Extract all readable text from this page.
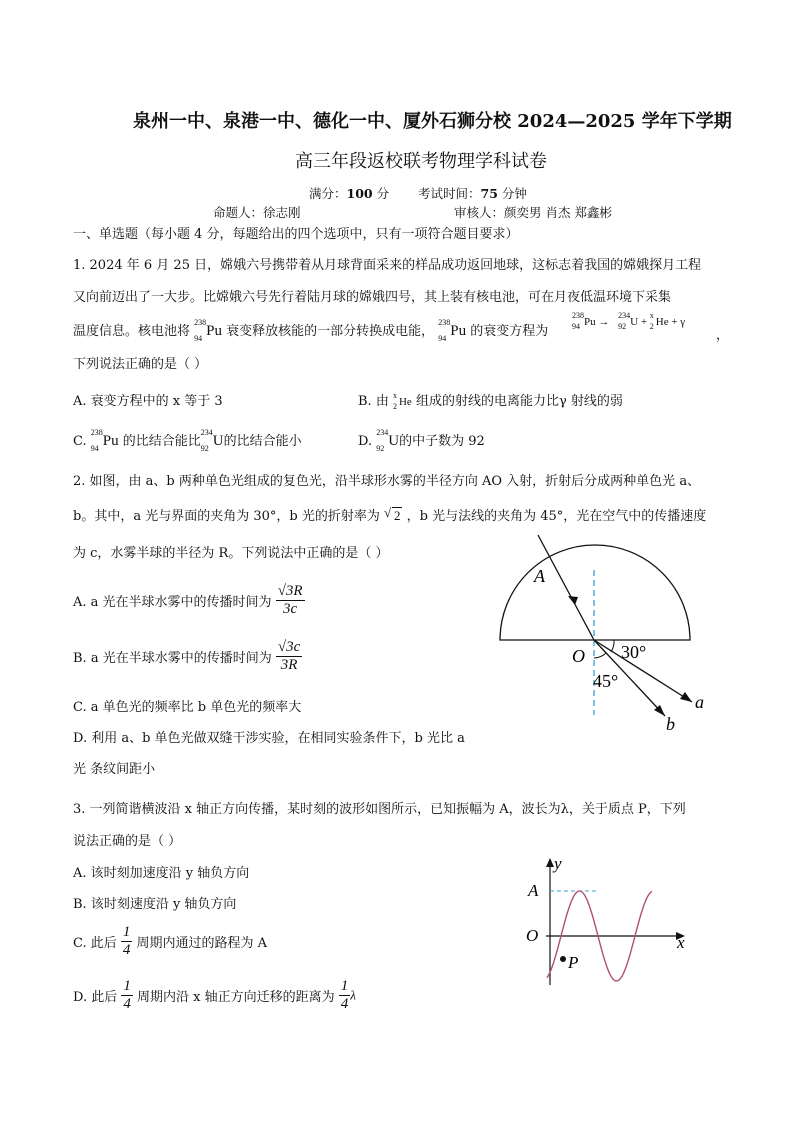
泉州一中、泉港一中、德化一中、厦外石狮分校 2024—2025 学年下学期
高三年段返校联考物理学科试卷
满分：100 分 考试时间：75 分钟
命题人：徐志刚	审核人：颜奕男 肖杰 郑鑫彬
一、单选题（每小题 4 分，每题给出的四个选项中，只有一项符合题目要求）
1. 2024 年 6 月 25 日，嫦娥六号携带着从月球背面采来的样品成功返回地球，这标志着我国的嫦娥探月工程
又向前迈出了一大步。比嫦娥六号先行着陆月球的嫦娥四号，其上装有核电池，可在月夜低温环境下采集
温度信息。核电池将
238
94 Pu 衰变释放核能的一部分转换成电能，
238
94 Pu 的衰变方程为
238
94 Pu →
234
92 U +
x
2 He + γ
，
下列说法正确的是（ ）
A. 衰变方程中的 x 等于 3	B. 由 x
2 He 组成的射线的电离能力比γ 射线的弱
C.
238
94 Pu 的比结合能比
234
92 U的比结合能小	D.
234
92 U的中子数为 92
2. 如图，由 a、b 两种单色光组成的复色光，沿半球形水雾的半径方向 AO 入射，折射后分成两种单色光 a、
b。其中，a 光与界面的夹角为 30°，b 光的折射率为 √ 2 ，b 光与法线的夹角为 45°，光在空气中的传播速度
为 c，水雾半球的半径为 R。下列说法中正确的是（ ）
A. a 光在半球水雾中的传播时间为 $\frac{√3R}{3c}$
B. a 光在半球水雾中的传播时间为 $\frac{√3c}{3R}$
C. a 单色光的频率比 b 单色光的频率大
D. 利用 a、b 单色光做双缝干涉实验，在相同实验条件下，b 光比 a
光 条纹间距小
A
O 30°
45°
a
b
3. 一列简谐横波沿 x 轴正方向传播，某时刻的波形如图所示，已知振幅为 A，波长为λ，关于质点 P，下列
说法正确的是（ ）
A. 该时刻加速度沿 y 轴负方向
B. 该时刻速度沿 y 轴负方向
C. 此后 $\frac{1}{4}$ 周期内通过的路程为 A
D. 此后 $\frac{1}{4}$ 周期内沿 x 轴正方向迁移的距离为 $\frac{1}{4}$ λ
y
A
O	x
P
